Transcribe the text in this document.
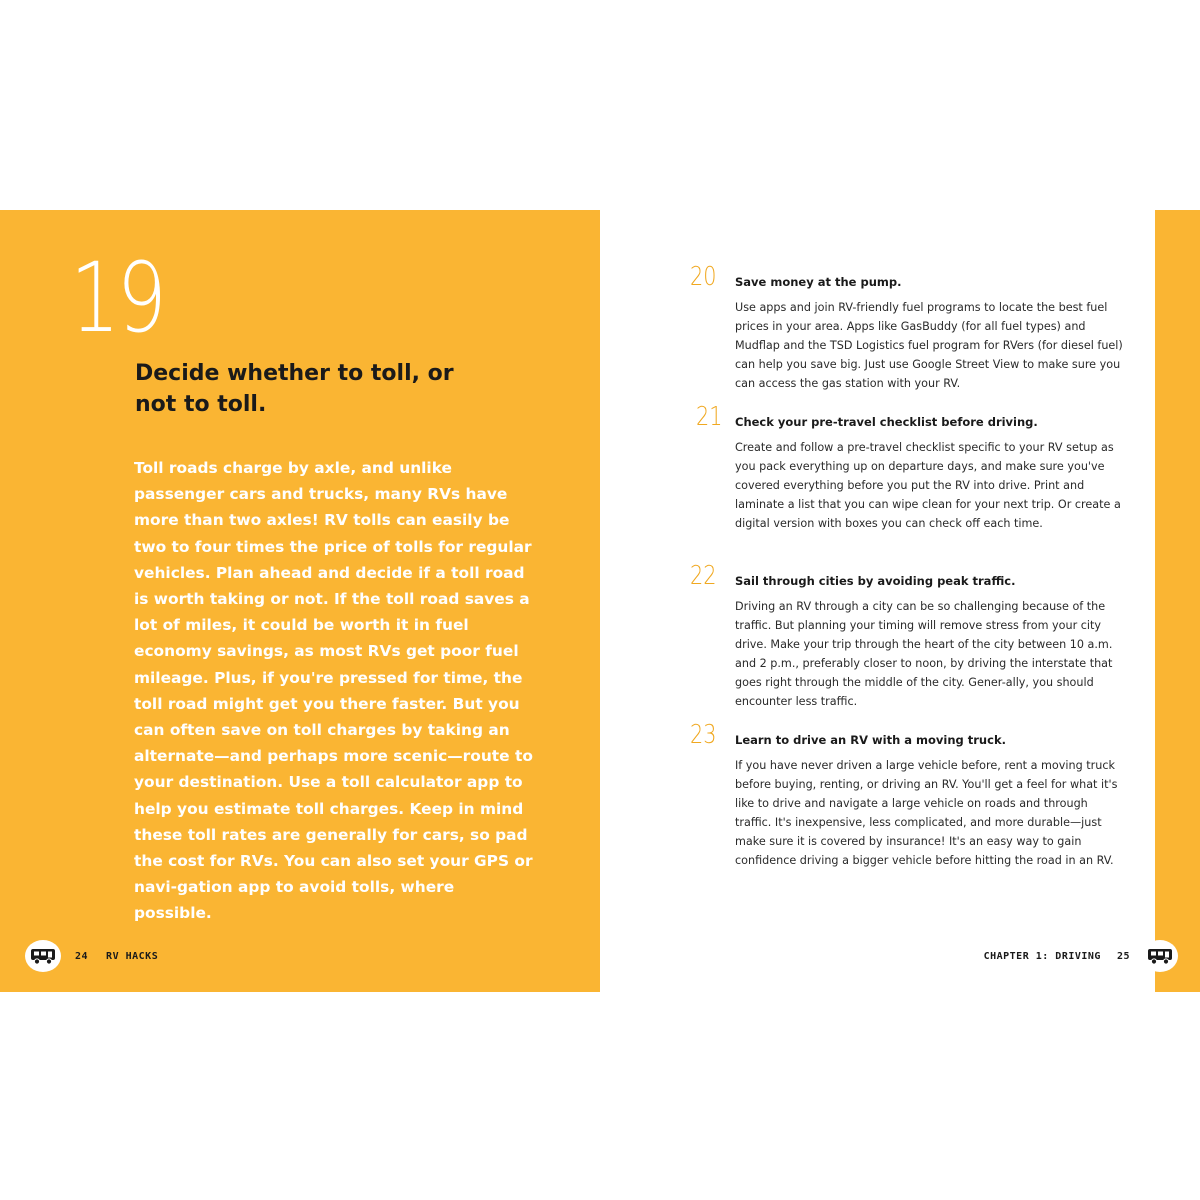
19
Decide whether to toll, or not to toll.

Toll roads charge by axle, and unlike passenger cars and trucks, many RVs have more than two axles! RV tolls can easily be two to four times the price of tolls for regular vehicles. Plan ahead and decide if a toll road is worth taking or not. If the toll road saves a lot of miles, it could be worth it in fuel economy savings, as most RVs get poor fuel mileage. Plus, if you're pressed for time, the toll road might get you there faster. But you can often save on toll charges by taking an alternate—and perhaps more scenic—route to your destination. Use a toll calculator app to help you estimate toll charges. Keep in mind these toll rates are generally for cars, so pad the cost for RVs. You can also set your GPS or navi-gation app to avoid tolls, where possible.

24 RV HACKS	CHAPTER 1: DRIVING 25
20 Save money at the pump.

Use apps and join RV-friendly fuel programs to locate the best fuel prices in your area. Apps like GasBuddy (for all fuel types) and Mudflap and the TSD Logistics fuel program for RVers (for diesel fuel) can help you save big. Just use Google Street View to make sure you can access the gas station with your RV.

21 Check your pre-travel checklist before driving.

Create and follow a pre-travel checklist specific to your RV setup as you pack everything up on departure days, and make sure you've covered everything before you put the RV into drive. Print and laminate a list that you can wipe clean for your next trip. Or create a digital version with boxes you can check off each time.

22 Sail through cities by avoiding peak traffic.

Driving an RV through a city can be so challenging because of the traffic. But planning your timing will remove stress from your city drive. Make your trip through the heart of the city between 10 a.m. and 2 p.m., preferably closer to noon, by driving the interstate that goes right through the middle of the city. Gener-ally, you should encounter less traffic.

23 Learn to drive an RV with a moving truck.

If you have never driven a large vehicle before, rent a moving truck before buying, renting, or driving an RV. You'll get a feel for what it's like to drive and navigate a large vehicle on roads and through traffic. It's inexpensive, less complicated, and more durable—just make sure it is covered by insurance! It's an easy way to gain confidence driving a bigger vehicle before hitting the road in an RV.
